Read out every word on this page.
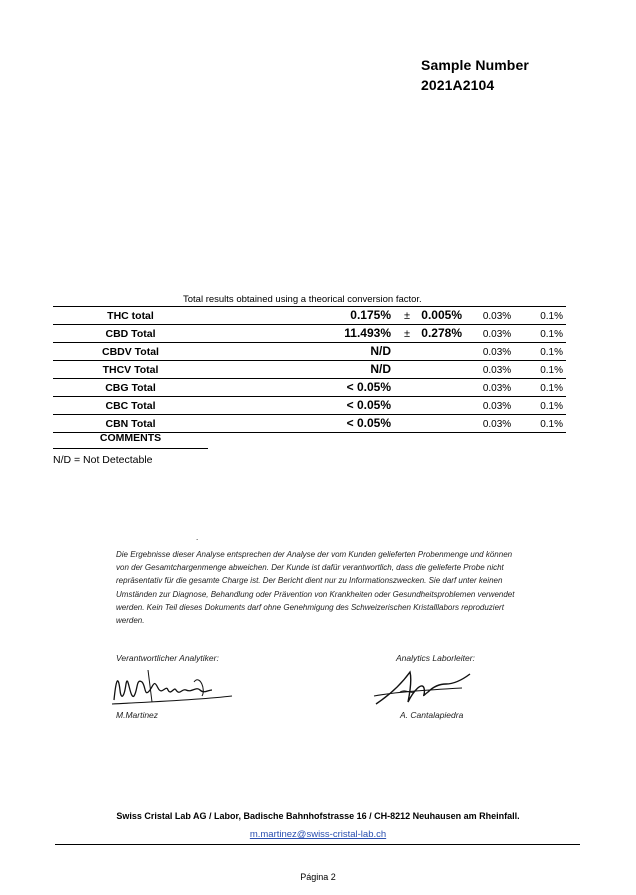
Sample Number
2021A2104
Total results obtained using a theorical conversion factor.
THC total	0.175% ± 0.005%	0.03%	0.1%
CBD Total	11.493% ± 0.278%	0.03%	0.1%
CBDV Total	N/D	0.03%	0.1%
THCV Total	N/D	0.03%	0.1%
CBG Total	< 0.05%	0.03%	0.1%
CBC Total	< 0.05%	0.03%	0.1%
CBN Total	< 0.05%	0.03%	0.1%
COMMENTS
N/D = Not Detectable
.
Die Ergebnisse dieser Analyse entsprechen der Analyse der vom Kunden gelieferten Probenmenge und können von der Gesamtchargenmenge abweichen. Der Kunde ist dafür verantwortlich, dass die gelieferte Probe nicht repräsentativ für die gesamte Charge ist. Der Bericht dient nur zu Informationszwecken. Sie darf unter keinen Umständen zur Diagnose, Behandlung oder Prävention von Krankheiten oder Gesundheitsproblemen verwendet werden. Kein Teil dieses Dokuments darf ohne Genehmigung des Schweizerischen Kristalllabors reproduziert werden.
Verantwortlicher Analytiker:
M.Martinez
Analytics Laborleiter:
A. Cantalapiedra
Swiss Cristal Lab AG / Labor, Badische Bahnhofstrasse 16 / CH-8212 Neuhausen am Rheinfall.
m.martinez@swiss-cristal-lab.ch
Página 2
